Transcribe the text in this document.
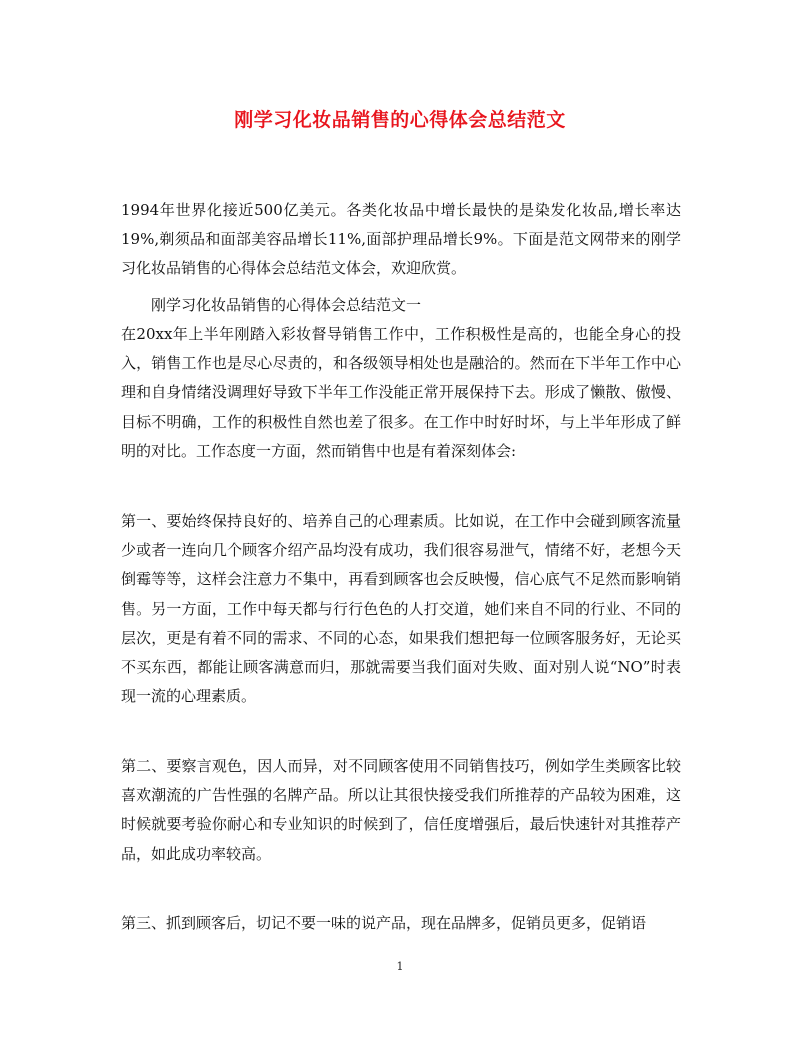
刚学习化妆品销售的心得体会总结范文

1994年世界化接近500亿美元。各类化妆品中增长最快的是染发化妆品,增长率达19%,剃须品和面部美容品增长11%,面部护理品增长9%。下面是范文网带来的刚学习化妆品销售的心得体会总结范文体会，欢迎欣赏。

刚学习化妆品销售的心得体会总结范文一

在20xx年上半年刚踏入彩妆督导销售工作中，工作积极性是高的，也能全身心的投入，销售工作也是尽心尽责的，和各级领导相处也是融洽的。然而在下半年工作中心理和自身情绪没调理好导致下半年工作没能正常开展保持下去。形成了懒散、傲慢、目标不明确，工作的积极性自然也差了很多。在工作中时好时坏，与上半年形成了鲜明的对比。工作态度一方面，然而销售中也是有着深刻体会:

第一、要始终保持良好的、培养自己的心理素质。比如说，在工作中会碰到顾客流量少或者一连向几个顾客介绍产品均没有成功，我们很容易泄气，情绪不好，老想今天倒霉等等，这样会注意力不集中，再看到顾客也会反映慢，信心底气不足然而影响销售。另一方面，工作中每天都与行行色色的人打交道，她们来自不同的行业、不同的层次，更是有着不同的需求、不同的心态，如果我们想把每一位顾客服务好，无论买不买东西，都能让顾客满意而归，那就需要当我们面对失败、面对别人说“NO”时表现一流的心理素质。

第二、要察言观色，因人而异，对不同顾客使用不同销售技巧，例如学生类顾客比较喜欢潮流的广告性强的名牌产品。所以让其很快接受我们所推荐的产品较为困难，这时候就要考验你耐心和专业知识的时候到了，信任度增强后，最后快速针对其推荐产品，如此成功率较高。

第三、抓到顾客后，切记不要一味的说产品，现在品牌多，促销员更多，促销语

1
